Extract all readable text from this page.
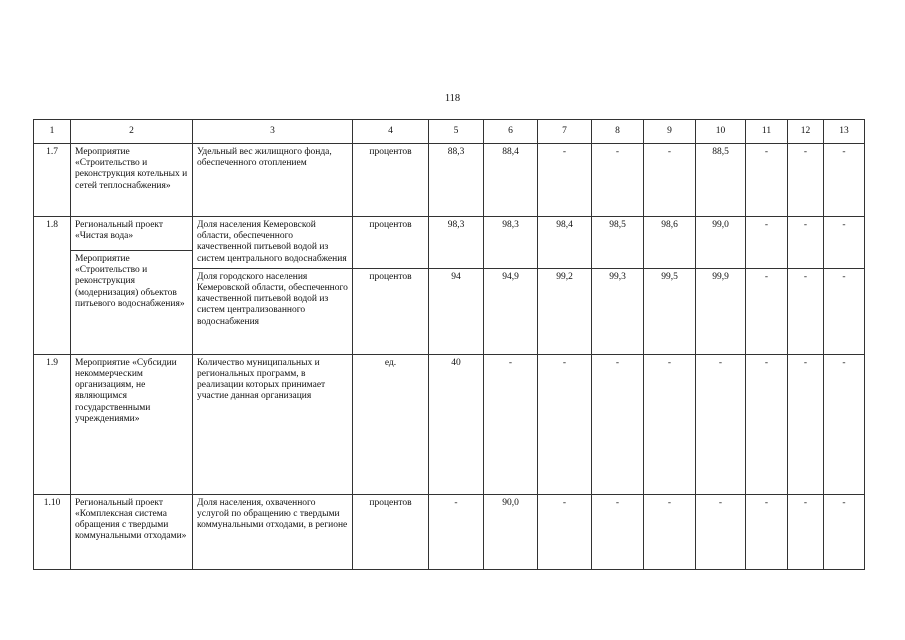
118
1	2	3	4	5	6	7	8	9	10	11	12	13
1.7	Мероприятие «Строительство и реконструкция котельных и сетей теплоснабжения»	Удельный вес жилищного фонда, обеспеченного отоплением	процентов	88,3	88,4	-	-	-	88,5	-	-	-
1.8	Региональный проект «Чистая вода»	Доля населения Кемеровской области, обеспеченного качественной питьевой водой из систем центрального водоснабжения	процентов	98,3	98,3	98,4	98,5	98,6	99,0	-	-	-
	Мероприятие «Строительство и реконструкция (модернизация) объектов питьевого водоснабжения»											
		Доля городского населения Кемеровской области, обеспеченного качественной питьевой водой из систем централизованного водоснабжения	процентов	94	94,9	99,2	99,3	99,5	99,9	-	-	-
1.9	Мероприятие «Субсидии некоммерческим организациям, не являющимся государственными учреждениями»	Количество муниципальных и региональных программ, в реализации которых принимает участие данная организация	ед.	40	-	-	-	-	-	-	-	-
1.10	Региональный проект «Комплексная система обращения с твердыми коммунальными отходами»	Доля населения, охваченного услугой по обращению с твердыми коммунальными отходами, в регионе	процентов	-	90,0	-	-	-	-	-	-	-
